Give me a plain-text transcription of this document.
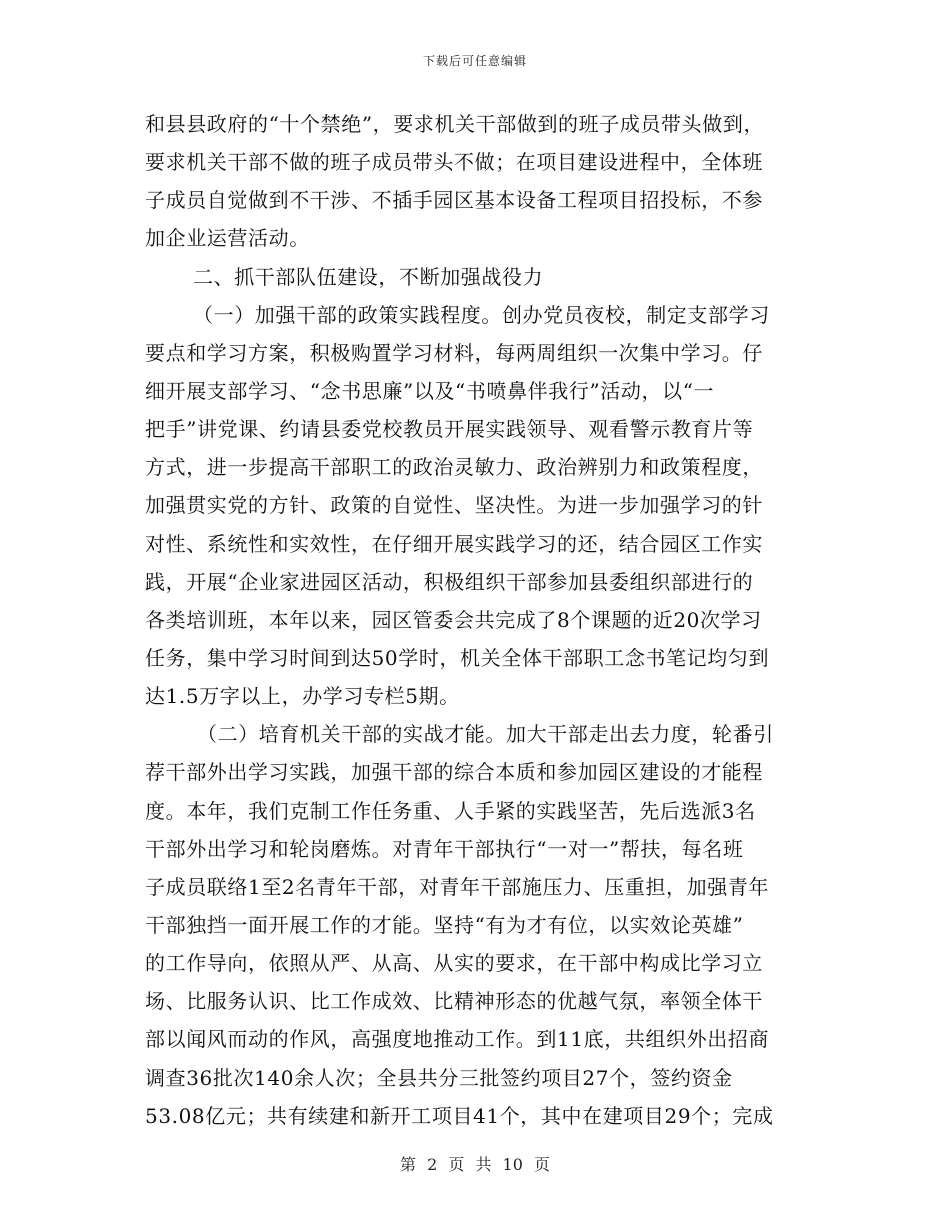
下载后可任意编辑
和县县政府的“十个禁绝”，要求机关干部做到的班子成员带头做到，
要求机关干部不做的班子成员带头不做；在项目建设进程中，全体班
子成员自觉做到不干涉、不插手园区基本设备工程项目招投标，不参
加企业运营活动。
二、抓干部队伍建设，不断加强战役力
（一）加强干部的政策实践程度。创办党员夜校，制定支部学习
要点和学习方案，积极购置学习材料，每两周组织一次集中学习。仔
细开展支部学习、“念书思廉”以及“书喷鼻伴我行”活动，以“一
把手”讲党课、约请县委党校教员开展实践领导、观看警示教育片等
方式，进一步提高干部职工的政治灵敏力、政治辨别力和政策程度，
加强贯实党的方针、政策的自觉性、坚决性。为进一步加强学习的针
对性、系统性和实效性，在仔细开展实践学习的还，结合园区工作实
践，开展“企业家进园区活动，积极组织干部参加县委组织部进行的
各类培训班，本年以来，园区管委会共完成了8个课题的近20次学习
任务，集中学习时间到达50学时，机关全体干部职工念书笔记均匀到
达1.5万字以上，办学习专栏5期。
（二）培育机关干部的实战才能。加大干部走出去力度，轮番引
荐干部外出学习实践，加强干部的综合本质和参加园区建设的才能程
度。本年，我们克制工作任务重、人手紧的实践坚苦，先后选派3名
干部外出学习和轮岗磨炼。对青年干部执行“一对一”帮扶，每名班
子成员联络1至2名青年干部，对青年干部施压力、压重担，加强青年
干部独挡一面开展工作的才能。坚持“有为才有位，以实效论英雄”
的工作导向，依照从严、从高、从实的要求，在干部中构成比学习立
场、比服务认识、比工作成效、比精神形态的优越气氛，率领全体干
部以闻风而动的作风，高强度地推动工作。到11底，共组织外出招商
调查36批次140余人次；全县共分三批签约项目27个，签约资金
53.08亿元；共有续建和新开工项目41个，其中在建项目29个；完成
第 2 页 共 10 页
